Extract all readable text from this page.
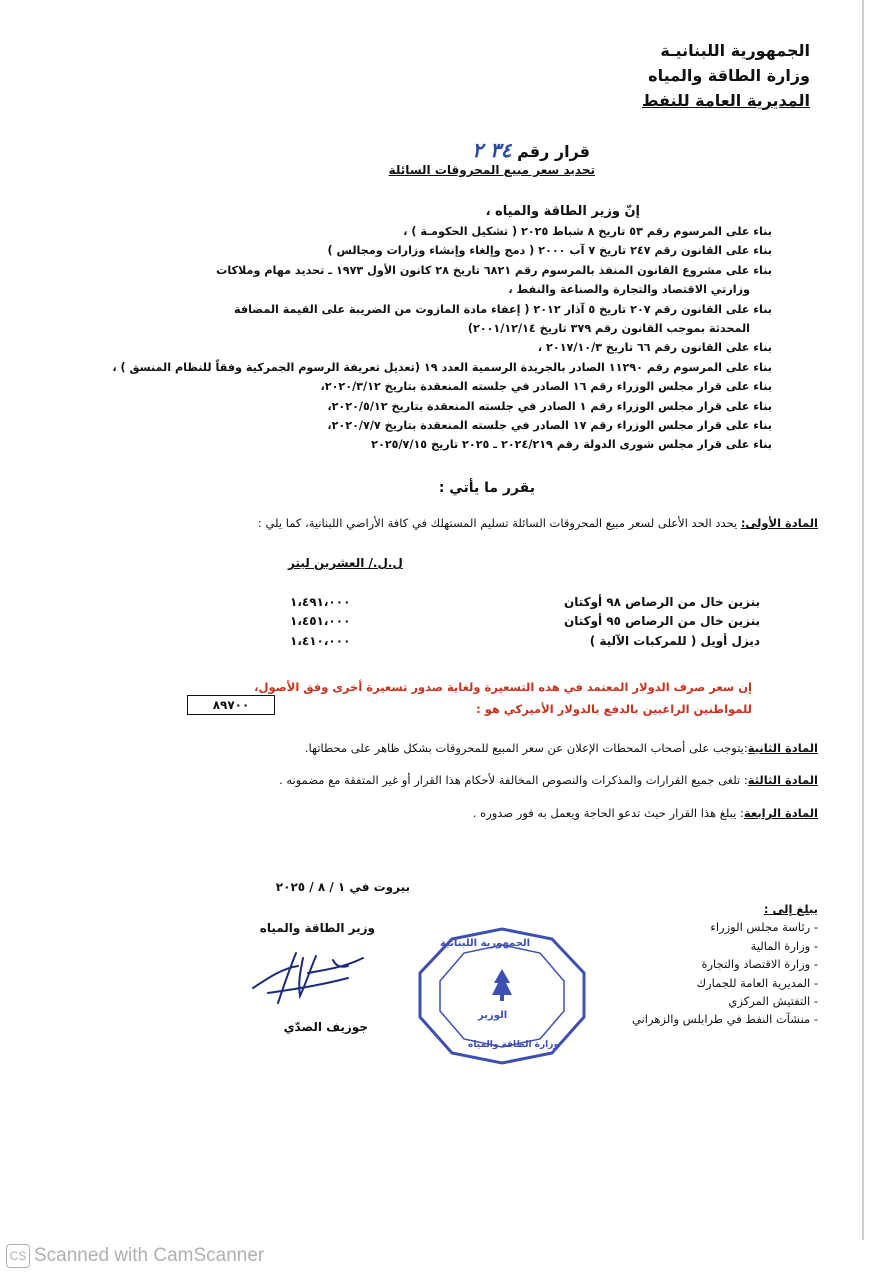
الجمهورية اللبنانيـة
وزارة الطاقة والمياه
المديرية العامة للنفط
قرار رقم ٣٤ ٢
تحديد سعر مبيع المحروقات السائلة
إنّ وزير الطاقة والمياه ،
بناء على المرسوم رقم ٥٣ تاريخ ٨ شباط ٢٠٢٥ ( تشكيل الحكومـة ) ،
بناء على القانون رقم ٢٤٧ تاريخ ٧ آب ٢٠٠٠ ( دمج وإلغاء وإنشاء وزارات ومجالس )
بناء على مشروع القانون المنفذ بالمرسوم رقم ٦٨٢١ تاريخ ٢٨ كانون الأول ١٩٧٣ ـ تحديد مهام وملاكات
وزارتي الاقتصاد والتجارة والصناعة والنفط ،
بناء على القانون رقم ٢٠٧ تاريخ ٥ آذار ٢٠١٢ ( إعفاء مادة المازوت من الضريبة على القيمة المضافة
المحدثة بموجب القانون رقم ٣٧٩ تاريخ ٢٠٠١/١٢/١٤)
بناء على القانون رقم ٦٦ تاريخ ٢٠١٧/١٠/٣ ،
بناء على المرسوم رقم ١١٢٩٠ الصادر بالجريدة الرسمية العدد ١٩ (تعديل تعريفة الرسوم الجمركية وفقاً للنظام المنسق ) ،
بناء على قرار مجلس الوزراء رقم ١٦ الصادر في جلسته المنعقدة بتاريخ ٢٠٢٠/٣/١٢،
بناء على قرار مجلس الوزراء رقم ١ الصادر في جلسته المنعقدة بتاريخ ٢٠٢٠/٥/١٢،
بناء على قرار مجلس الوزراء رقم ١٧ الصادر في جلسته المنعقدة بتاريخ ٢٠٢٠/٧/٧،
بناء على قرار مجلس شورى الدولة رقم ٢٠٢٤/٢١٩ ـ ٢٠٢٥ تاريخ ٢٠٢٥/٧/١٥
يقرر ما يأتي :
المادة الأولى: يحدد الحد الأعلى لسعر مبيع المحروقات السائلة تسليم المستهلك في كافة الأراضي اللبنانية، كما يلي :
ل.ل./ العشرين ليتر
بنزين خال من الرصاص ٩٨ أوكتان
١،٤٩١،٠٠٠
بنزين خال من الرصاص ٩٥ أوكتان
١،٤٥١،٠٠٠
ديزل أويل ( للمركبات الآلية )
١،٤١٠،٠٠٠
إن سعر صرف الدولار المعتمد في هذه التسعيرة ولغاية صدور تسعيرة أخرى وفق الأصول،
للمواطنين الراغبين بالدفع بالدولار الأميركي هو :
٨٩٧٠٠
المادة الثانية:يتوجب على أصحاب المحطات الإعلان عن سعر المبيع للمحروقات بشكل ظاهر على محطاتها.
المادة الثالثة: تلغى جميع القرارات والمذكرات والنصوص المخالفة لأحكام هذا القرار أو غير المتفقة مع مضمونه .
المادة الرابعة: يبلغ هذا القرار حيث تدعو الحاجة ويعمل به فور صدوره .
بيروت في ١ / ٨ / ٢٠٢٥
وزير الطاقة والمياه
جوزيف الصدّي
الجمهورية اللبنانية
الوزير
وزارة الطاقة والمياه
يبلغ إلى :
- رئاسة مجلس الوزراء
- وزارة المالية
- وزارة الاقتصاد والتجارة
- المديرية العامة للجمارك
- التفتيش المركزي
- منشآت النفط في طرابلس والزهراني
CS Scanned with CamScanner
